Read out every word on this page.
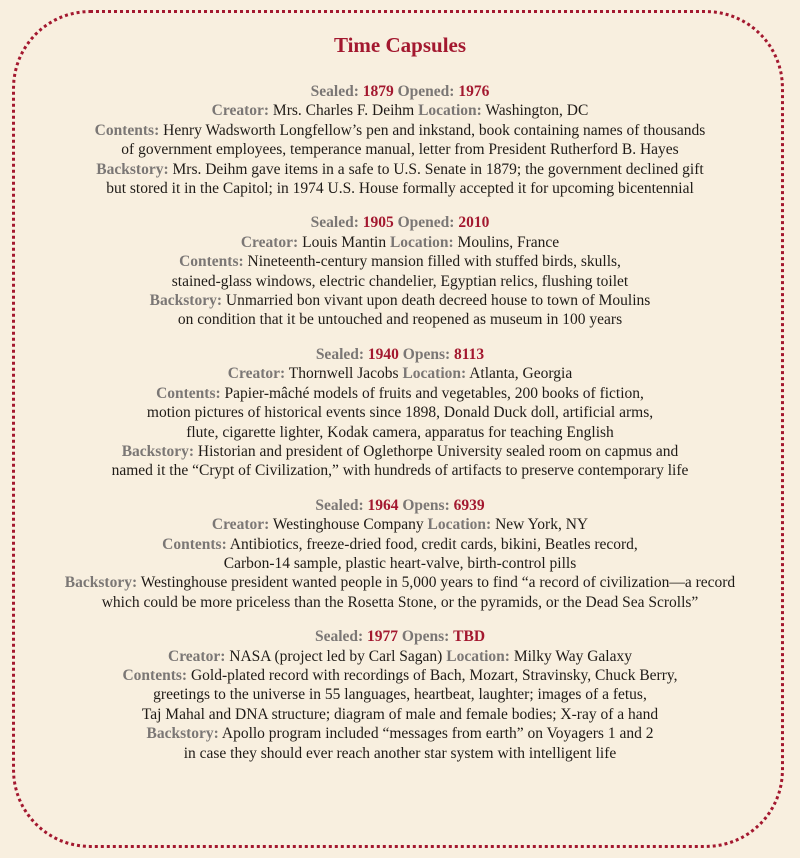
Time Capsules
Sealed: 1879 Opened: 1976
Creator: Mrs. Charles F. Deihm Location: Washington, DC
Contents: Henry Wadsworth Longfellow’s pen and inkstand, book containing names of thousands
of government employees, temperance manual, letter from President Rutherford B. Hayes
Backstory: Mrs. Deihm gave items in a safe to U.S. Senate in 1879; the government declined gift
but stored it in the Capitol; in 1974 U.S. House formally accepted it for upcoming bicentennial
Sealed: 1905 Opened: 2010
Creator: Louis Mantin Location: Moulins, France
Contents: Nineteenth-century mansion filled with stuffed birds, skulls,
stained-glass windows, electric chandelier, Egyptian relics, flushing toilet
Backstory: Unmarried bon vivant upon death decreed house to town of Moulins
on condition that it be untouched and reopened as museum in 100 years
Sealed: 1940 Opens: 8113
Creator: Thornwell Jacobs Location: Atlanta, Georgia
Contents: Papier-mâché models of fruits and vegetables, 200 books of fiction,
motion pictures of historical events since 1898, Donald Duck doll, artificial arms,
flute, cigarette lighter, Kodak camera, apparatus for teaching English
Backstory: Historian and president of Oglethorpe University sealed room on capmus and
named it the “Crypt of Civilization,” with hundreds of artifacts to preserve contemporary life
Sealed: 1964 Opens: 6939
Creator: Westinghouse Company Location: New York, NY
Contents: Antibiotics, freeze-dried food, credit cards, bikini, Beatles record,
Carbon-14 sample, plastic heart-valve, birth-control pills
Backstory: Westinghouse president wanted people in 5,000 years to find “a record of civilization—a record
which could be more priceless than the Rosetta Stone, or the pyramids, or the Dead Sea Scrolls”
Sealed: 1977 Opens: TBD
Creator: NASA (project led by Carl Sagan) Location: Milky Way Galaxy
Contents: Gold-plated record with recordings of Bach, Mozart, Stravinsky, Chuck Berry,
greetings to the universe in 55 languages, heartbeat, laughter; images of a fetus,
Taj Mahal and DNA structure; diagram of male and female bodies; X-ray of a hand
Backstory: Apollo program included “messages from earth” on Voyagers 1 and 2
in case they should ever reach another star system with intelligent life
